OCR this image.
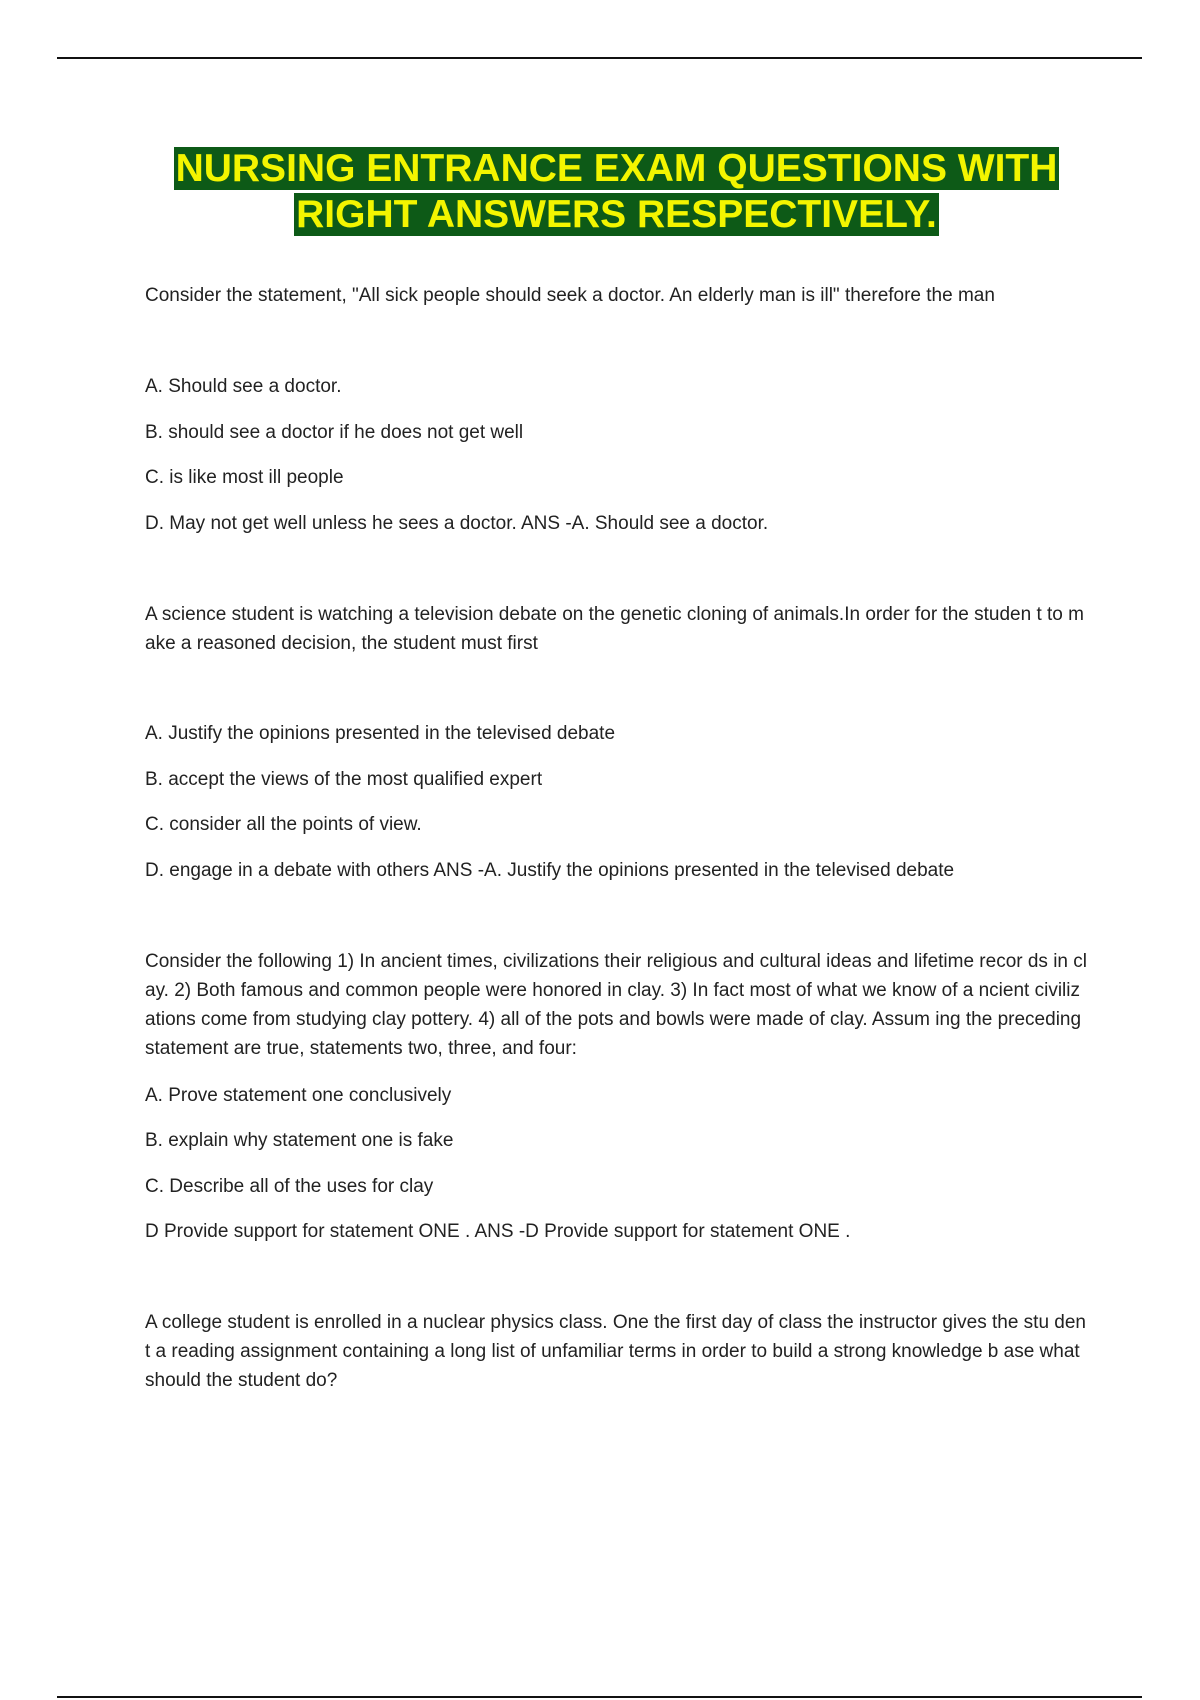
NURSING ENTRANCE EXAM QUESTIONS WITH
RIGHT ANSWERS RESPECTIVELY.

Consider the statement, "All sick people should seek a doctor. An elderly man is ill" therefore the man

A. Should see a doctor.

B. should see a doctor if he does not get well

C. is like most ill people

D. May not get well unless he sees a doctor. ANS -A. Should see a doctor.

A science student is watching a television debate on the genetic cloning of animals.In order for the studen t to make a reasoned decision, the student must first

A. Justify the opinions presented in the televised debate

B. accept the views of the most qualified expert

C. consider all the points of view.

D. engage in a debate with others ANS -A. Justify the opinions presented in the televised debate

Consider the following 1) In ancient times, civilizations their religious and cultural ideas and lifetime recor ds in clay. 2) Both famous and common people were honored in clay. 3) In fact most of what we know of a ncient civilizations come from studying clay pottery. 4) all of the pots and bowls were made of clay. Assum ing the preceding statement are true, statements two, three, and four:

A. Prove statement one conclusively

B. explain why statement one is fake

C. Describe all of the uses for clay

D Provide support for statement ONE . ANS -D Provide support for statement ONE .

A college student is enrolled in a nuclear physics class. One the first day of class the instructor gives the stu dent a reading assignment containing a long list of unfamiliar terms in order to build a strong knowledge b ase what should the student do?
